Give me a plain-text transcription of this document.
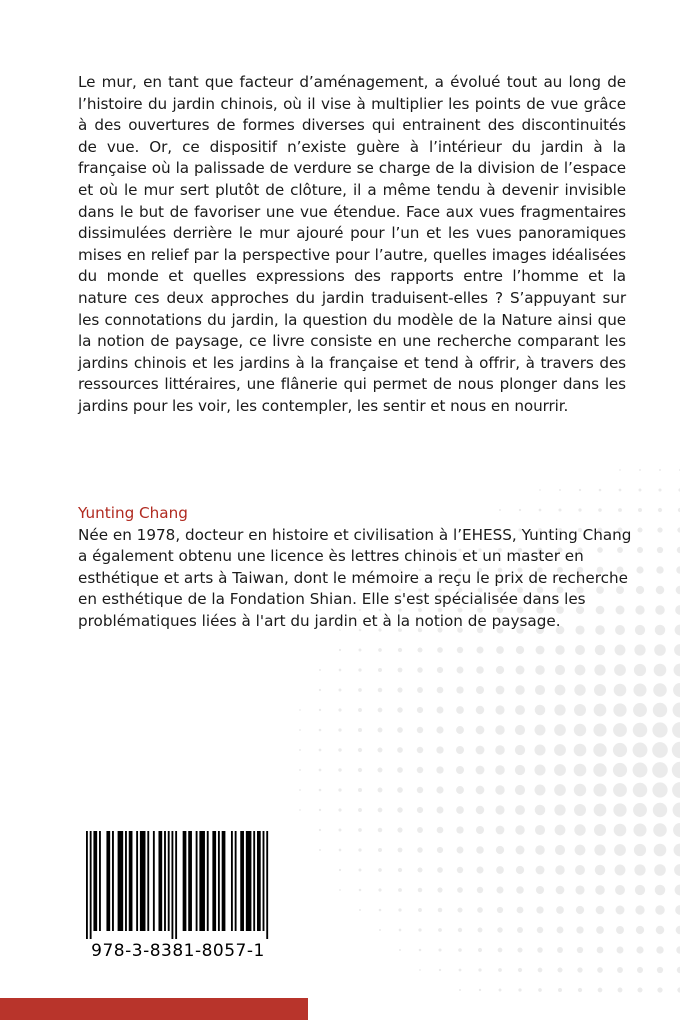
Le mur, en tant que facteur d’aménagement, a évolué tout au long de l’histoire du jardin chinois, où il vise à multiplier les points de vue grâce à des ouvertures de formes diverses qui entrainent des discontinuités de vue. Or, ce dispositif n’existe guère à l’intérieur du jardin à la française où la palissade de verdure se charge de la division de l’espace et où le mur sert plutôt de clôture, il a même tendu à devenir invisible dans le but de favoriser une vue étendue. Face aux vues fragmentaires dissimulées derrière le mur ajouré pour l’un et les vues panoramiques mises en relief par la perspective pour l’autre, quelles images idéalisées du monde et quelles expressions des rapports entre l’homme et la nature ces deux approches du jardin traduisent-elles ? S’appuyant sur les connotations du jardin, la question du modèle de la Nature ainsi que la notion de paysage, ce livre consiste en une recherche comparant les jardins chinois et les jardins à la française et tend à offrir, à travers des ressources littéraires, une flânerie qui permet de nous plonger dans les jardins pour les voir, les contempler, les sentir et nous en nourrir.
Yunting Chang
Née en 1978, docteur en histoire et civilisation à l’EHESS, Yunting Chang a également obtenu une licence ès lettres chinois et un master en esthétique et arts à Taiwan, dont le mémoire a reçu le prix de recherche en esthétique de la Fondation Shian. Elle s'est spécialisée dans les problématiques liées à l'art du jardin et à la notion de paysage.
978-3-8381-8057-1
